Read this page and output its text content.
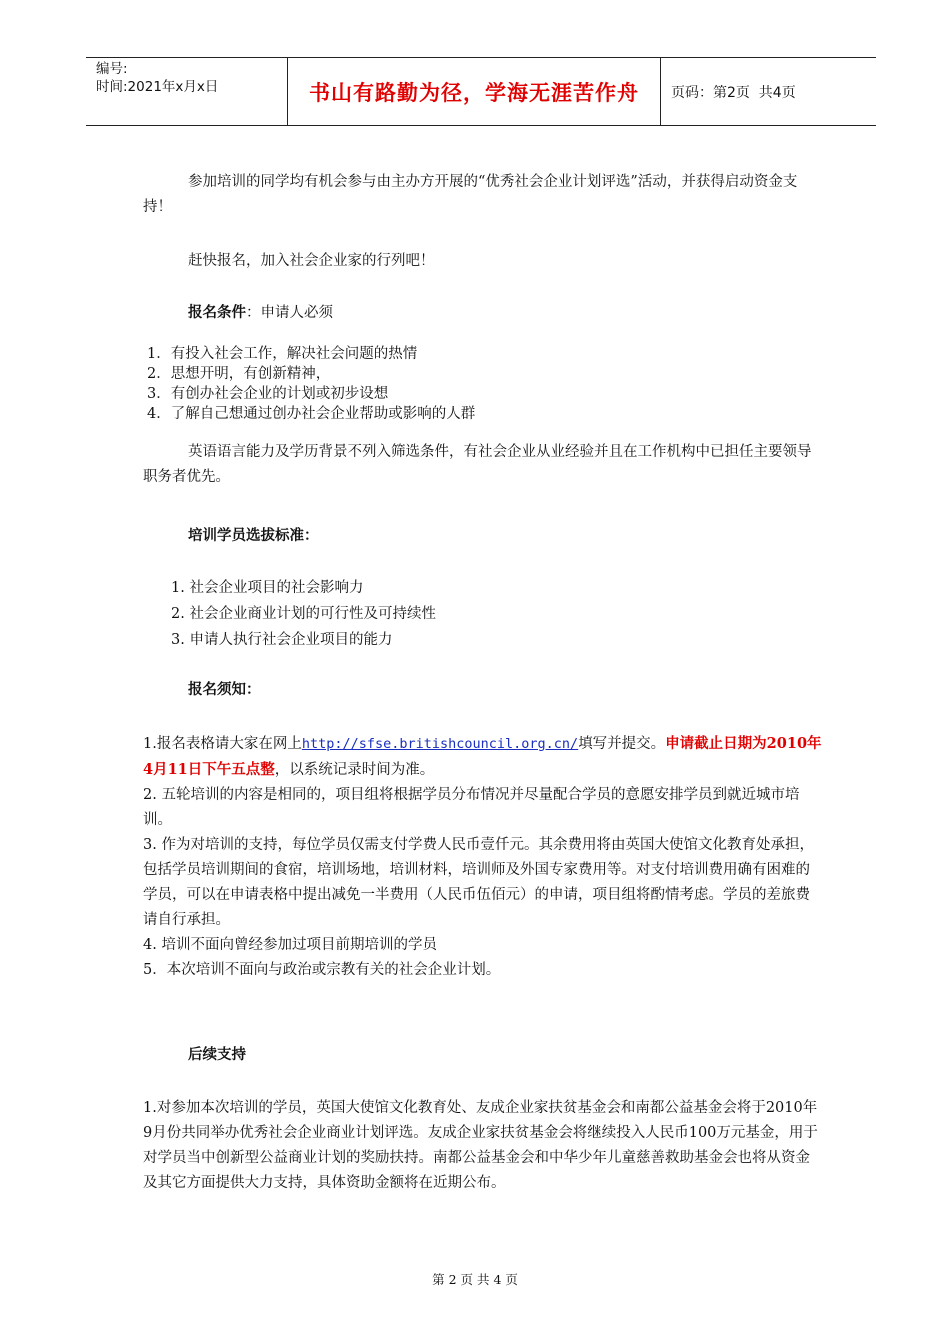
编号:
时间:2021年x月x日	书山有路勤为径，学海无涯苦作舟	页码：第2页  共4页

参加培训的同学均有机会参与由主办方开展的“优秀社会企业计划评选”活动，并获得启动资金支持！

赶快报名，加入社会企业家的行列吧！

报名条件：申请人必须

1．有投入社会工作，解决社会问题的热情
2．思想开明，有创新精神，
3．有创办社会企业的计划或初步设想
4．了解自己想通过创办社会企业帮助或影响的人群

英语语言能力及学历背景不列入筛选条件，有社会企业从业经验并且在工作机构中已担任主要领导职务者优先。

培训学员选拔标准：

1. 社会企业项目的社会影响力
2. 社会企业商业计划的可行性及可持续性
3. 申请人执行社会企业项目的能力

报名须知：

1.报名表格请大家在网上http://sfse.britishcouncil.org.cn/填写并提交。申请截止日期为2010年4月11日下午五点整，以系统记录时间为准。

2. 五轮培训的内容是相同的，项目组将根据学员分布情况并尽量配合学员的意愿安排学员到就近城市培训。

3. 作为对培训的支持，每位学员仅需支付学费人民币壹仟元。其余费用将由英国大使馆文化教育处承担，包括学员培训期间的食宿，培训场地，培训材料，培训师及外国专家费用等。对支付培训费用确有困难的学员，可以在申请表格中提出减免一半费用（人民币伍佰元）的申请，项目组将酌情考虑。学员的差旅费请自行承担。

4. 培训不面向曾经参加过项目前期培训的学员

5．本次培训不面向与政治或宗教有关的社会企业计划。

后续支持

1.对参加本次培训的学员，英国大使馆文化教育处、友成企业家扶贫基金会和南都公益基金会将于2010年9月份共同举办优秀社会企业商业计划评选。友成企业家扶贫基金会将继续投入人民币100万元基金，用于对学员当中创新型公益商业计划的奖励扶持。南都公益基金会和中华少年儿童慈善救助基金会也将从资金及其它方面提供大力支持，具体资助金额将在近期公布。

第 2 页 共 4 页
